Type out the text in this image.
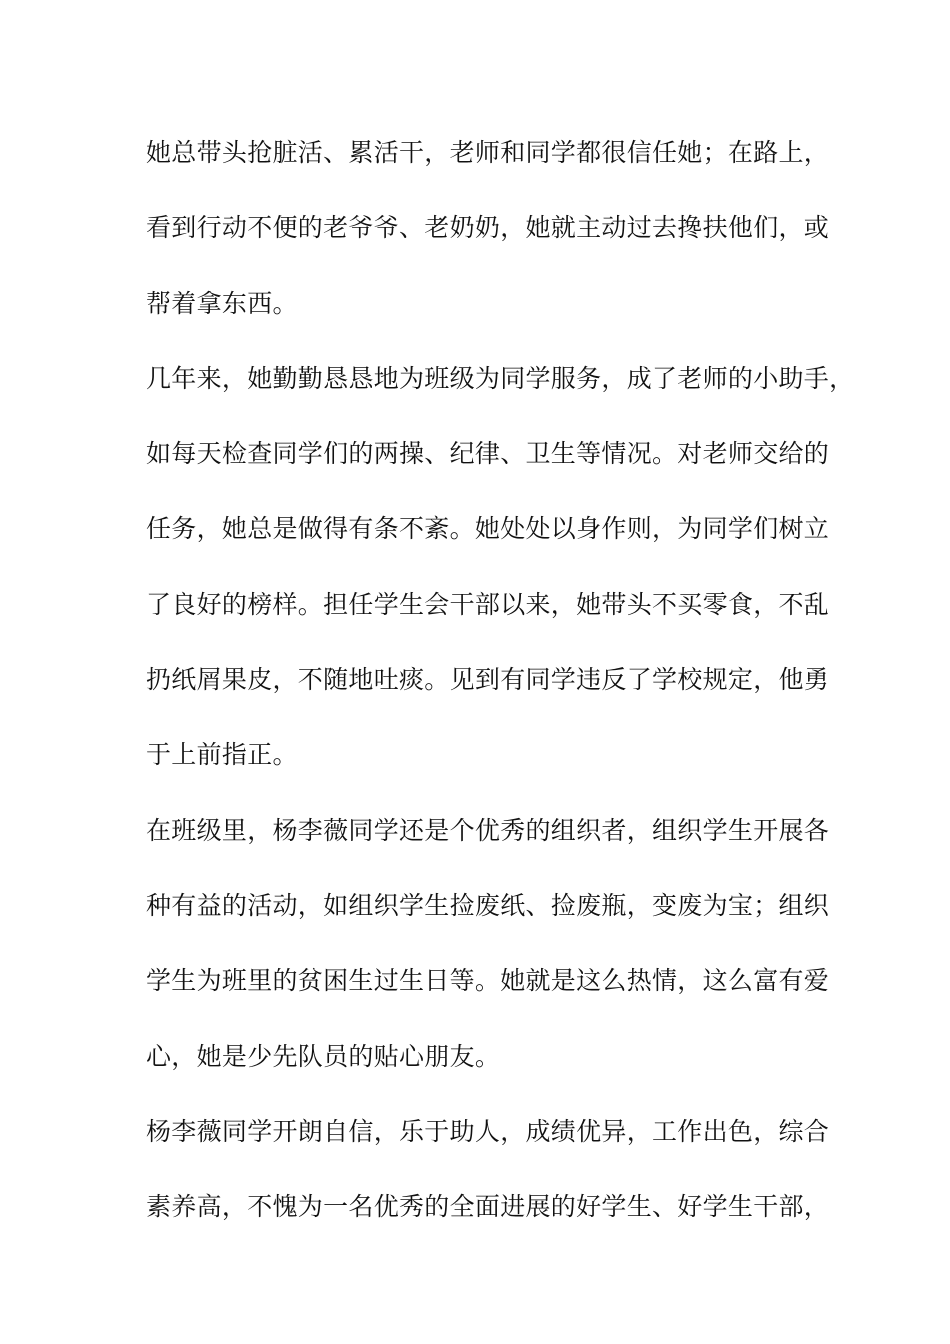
她总带头抢脏活、累活干，老师和同学都很信任她；在路上，
看到行动不便的老爷爷、老奶奶，她就主动过去搀扶他们，或
帮着拿东西。
几年来，她勤勤恳恳地为班级为同学服务，成了老师的小助手，
如每天检查同学们的两操、纪律、卫生等情况。对老师交给的
任务，她总是做得有条不紊。她处处以身作则，为同学们树立
了良好的榜样。担任学生会干部以来，她带头不买零食，不乱
扔纸屑果皮，不随地吐痰。见到有同学违反了学校规定，他勇
于上前指正。
在班级里，杨李薇同学还是个优秀的组织者，组织学生开展各
种有益的活动，如组织学生捡废纸、捡废瓶，变废为宝；组织
学生为班里的贫困生过生日等。她就是这么热情，这么富有爱
心，她是少先队员的贴心朋友。
杨李薇同学开朗自信，乐于助人，成绩优异，工作出色，综合
素养高，不愧为一名优秀的全面进展的好学生、好学生干部，
